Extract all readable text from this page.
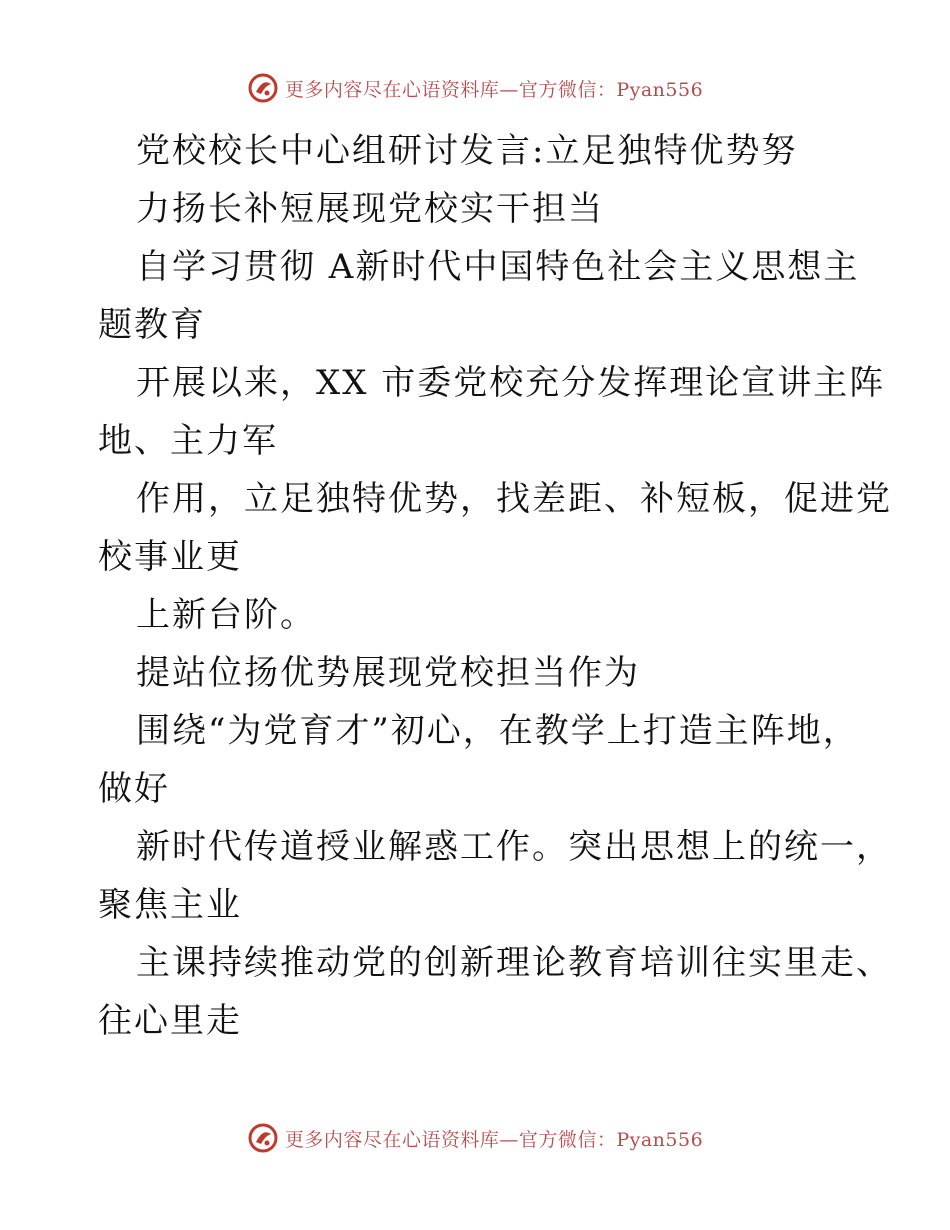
更多内容尽在心语资料库—官方微信：Pyan556

党校校长中心组研讨发言:立足独特优势努

力扬长补短展现党校实干担当

自学习贯彻 A新时代中国特色社会主义思想主

题教育

开展以来，XX 市委党校充分发挥理论宣讲主阵

地、主力军

作用，立足独特优势，找差距、补短板，促进党

校事业更

上新台阶。

提站位扬优势展现党校担当作为

围绕“为党育才”初心，在教学上打造主阵地，

做好

新时代传道授业解惑工作。突出思想上的统一，

聚焦主业

主课持续推动党的创新理论教育培训往实里走、

往心里走

更多内容尽在心语资料库—官方微信：Pyan556
